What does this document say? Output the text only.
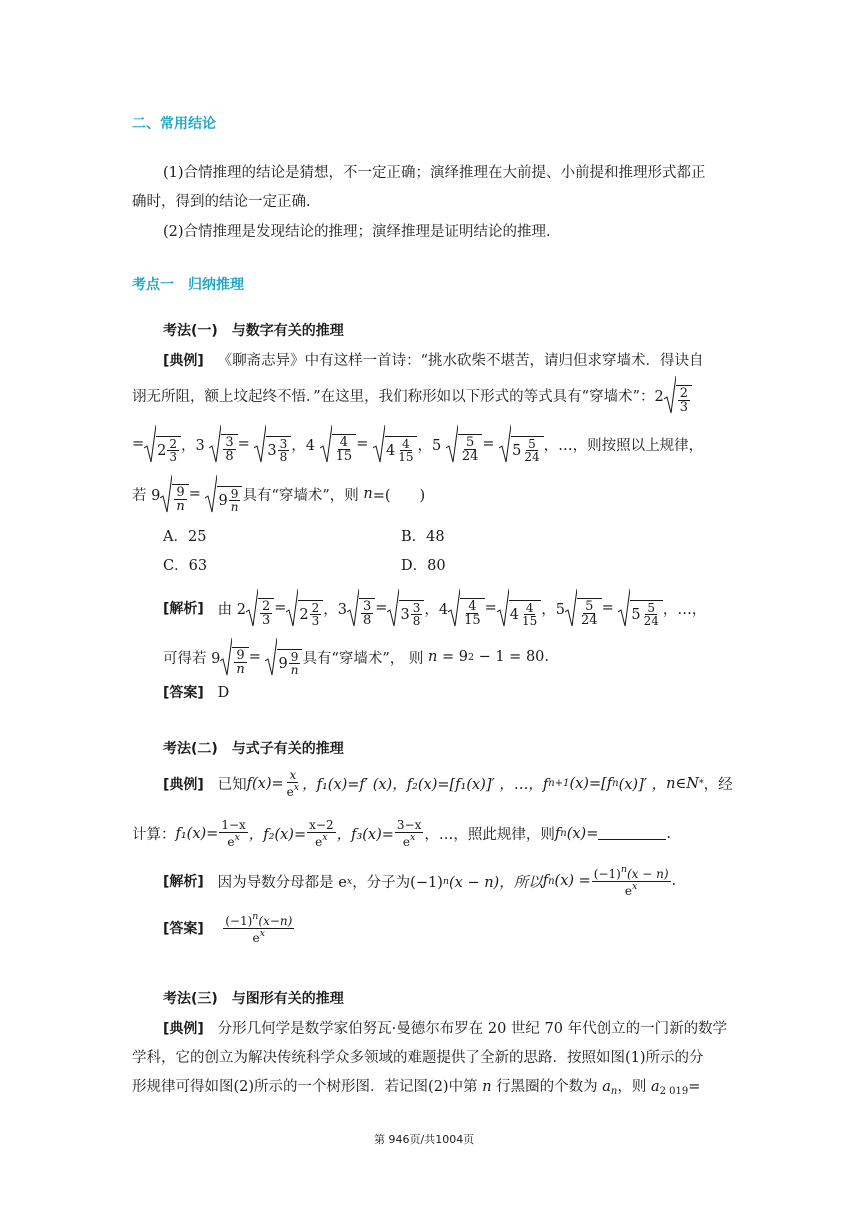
二、常用结论
(1)合情推理的结论是猜想，不一定正确；演绎推理在大前提、小前提和推理形式都正
确时，得到的结论一定正确.
(2)合情推理是发现结论的推理；演绎推理是证明结论的推理.
考点一　归纳推理
考法(一)　与数字有关的推理
[典例] 《聊斋志异》中有这样一首诗：“挑水砍柴不堪苦，请归但求穿墙术．得诀自
诩无所阻，额上坟起终不悟．”在这里，我们称形如以下形式的等式具有“穿墙术”：2 2
3
= 2 2
3
，3 3
8
= 3 3
8
，4 4
15
= 4 4
15
，5 5
24
= 5 5
24
，…，则按照以上规律，
若 9 9
n
= 9 9
n
具有“穿墙术”，则
n =(　　)
A．25	B．48
C．63	D．80
[解析]
由 2 2
3
= 2 2
3
，3 3
8
= 3 3
8
，4 4
15
= 4 4
15
，5 5
24
= 5 5
24
，…，
可得若 9 9
n
= 9 9
n
具有“穿墙术”， 则
n
= 9 2
− 1 = 80.
[答案] D
考法(二)　与式子有关的推理
[典例]
已知 $f(x) = \frac{x}{e^x}$ ，f₁(x)=f′ (x)，f₂(x)=[f₁(x)]′ ，…，f n+1 (x)=[f n (x)]′ ， n∈N * ，经
计算： $f_1(x)= \frac{1-x}{e^x}$ ，$f_2(x)= \frac{x-2}{e^x}$ ，$f_3(x)= \frac{3-x}{e^x}$ ，…，照此规律，则 f n (x)=	.
[解析]
因为导数分母都是 e x ，分子为(−1) n (x − n)，所以 f n $(x) = \frac{(-1)^n(x - n)}{e^x}$ .
[答案]

$(-1)^n(x-n)$
$e^x$
考法(三)　与图形有关的推理
[典例] 分形几何学是数学家伯努瓦·曼德尔布罗在 20 世纪 70 年代创立的一门新的数学
学科，它的创立为解决传统科学众多领域的难题提供了全新的思路．按照如图(1)所示的分
形规律可得如图(2)所示的一个树形图．若记图(2)中第 n 行黑圈的个数为 $a_n$，则 $a_{2 019}=$
第 946页/共1004页
